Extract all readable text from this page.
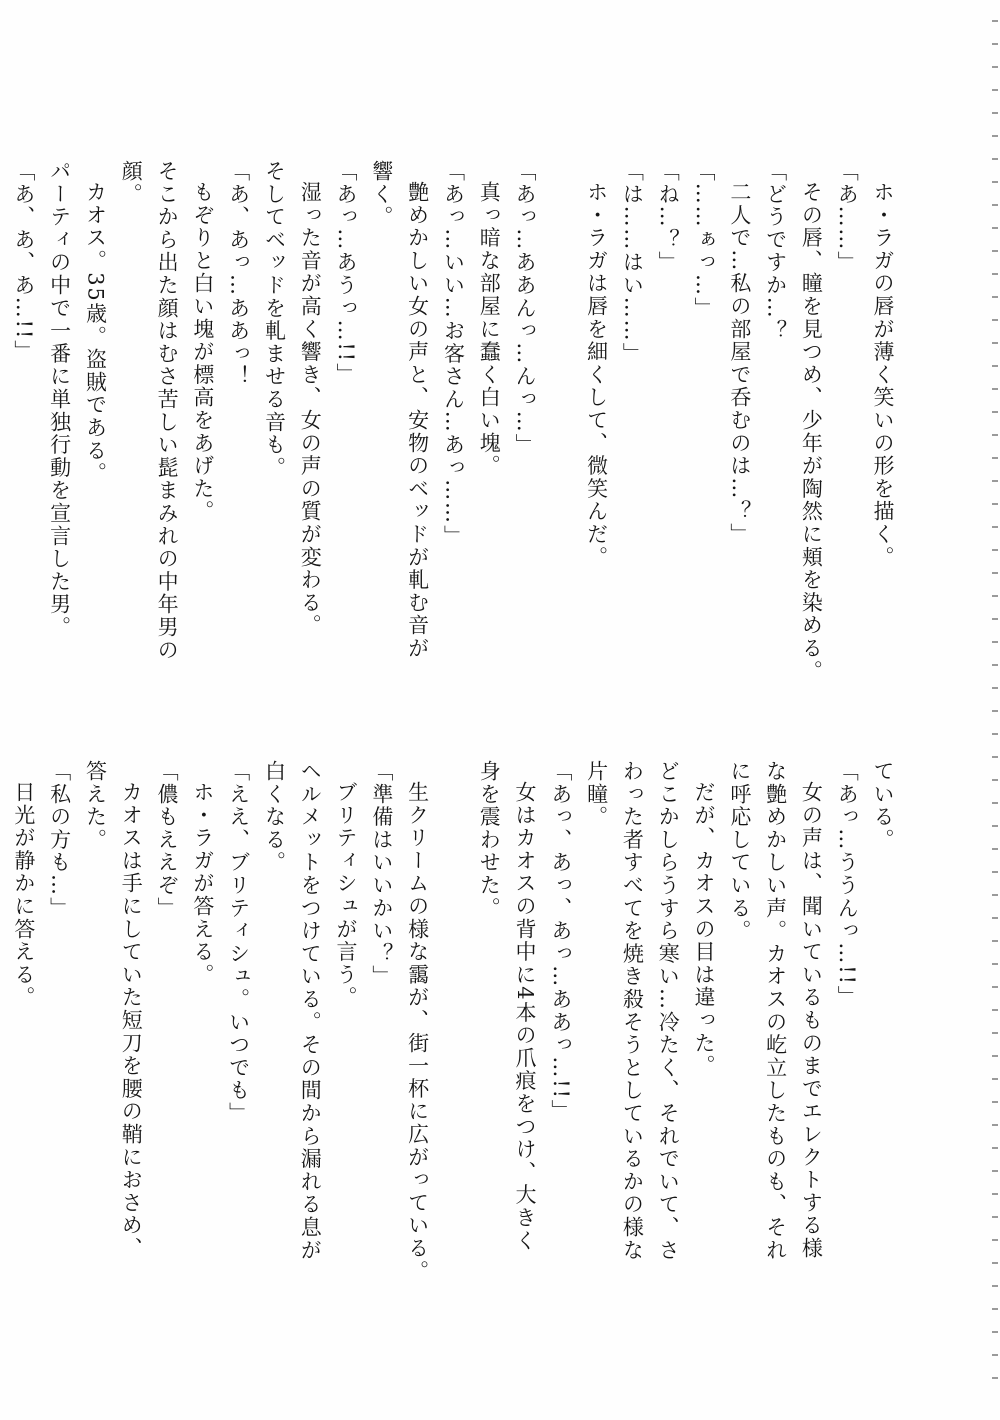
ホ・ラガの唇が薄く笑いの形を描く。

「あ……」

その唇、瞳を見つめ、少年が陶然に頬を染める。

「どうですか…？

二人で…私の部屋で呑むのは…？」

「……ぁっ…」

「ね…？」

「は……はい……」

ホ・ラガは唇を細くして、微笑んだ。

「あっ…ああんっ…んっ…」

真っ暗な部屋に蠢く白い塊。

「あっ…いい…お客さん…あっ……」

艶めかしい女の声と、安物のベッドが軋む音が

響く。

「あっ…あうっ…!!」

湿った音が高く響き、女の声の質が変わる。

そしてベッドを軋ませる音も。

「あ、あっ…ああっ！

もぞりと白い塊が標高をあげた。

そこから出た顔はむさ苦しい髭まみれの中年男の

顔。

カオス。35歳。盗賊である。

パーティの中で一番に単独行動を宣言した男。

「あ、あ、あ…!!」

ている。

「あっ…ううんっ…!!」

女の声は、聞いているものまでエレクトする様

な艶めかしい声。カオスの屹立したものも、それ

に呼応している。

だが、カオスの目は違った。

どこかしらうすら寒い…冷たく、それでいて、さ

わった者すべてを焼き殺そうとしているかの様な

片瞳。

「あっ、あっ、あっ…ああっ…!!」

女はカオスの背中に4本の爪痕をつけ、大きく

身を震わせた。

生クリームの様な靄が、街一杯に広がっている。

「準備はいいかい？」

ブリティシュが言う。

ヘルメットをつけている。その間から漏れる息が

白くなる。

「ええ、ブリティシュ。いつでも」

ホ・ラガが答える。

「儂もええぞ」

カオスは手にしていた短刀を腰の鞘におさめ、

答えた。

「私の方も…」

日光が静かに答える。
